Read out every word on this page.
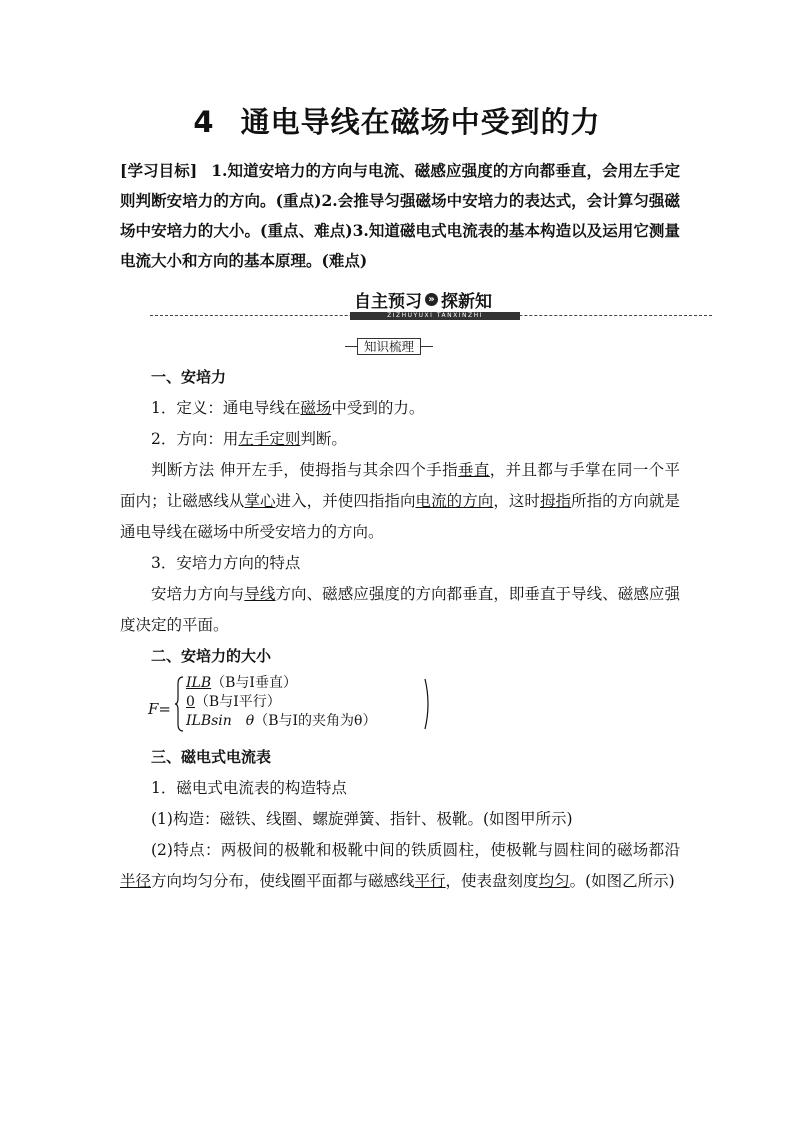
4 通电导线在磁场中受到的力
[学习目标] 1.知道安培力的方向与电流、磁感应强度的方向都垂直，会用左手定则判断安培力的方向。(重点)2.会推导匀强磁场中安培力的表达式，会计算匀强磁场中安培力的大小。(重点、难点)3.知道磁电式电流表的基本构造以及运用它测量电流大小和方向的基本原理。(难点)
自主预习 » 探新知
ZIZHUYUXI TANXINZHI
知识梳理

一、安培力

1．定义：通电导线在磁场中受到的力。

2．方向：用左手定则判断。

判断方法 伸开左手，使拇指与其余四个手指垂直，并且都与手掌在同一个平面内；让磁感线从掌心进入，并使四指指向电流的方向，这时拇指所指的方向就是通电导线在磁场中所受安培力的方向。

3．安培力方向的特点

安培力方向与导线方向、磁感应强度的方向都垂直，即垂直于导线、磁感应强度决定的平面。

二、安培力的大小

F=
ILB（B与I垂直）
0（B与I平行）
ILBsin　θ（B与I的夹角为θ）

三、磁电式电流表

1．磁电式电流表的构造特点

(1)构造：磁铁、线圈、螺旋弹簧、指针、极靴。(如图甲所示)

(2)特点：两极间的极靴和极靴中间的铁质圆柱，使极靴与圆柱间的磁场都沿半径方向均匀分布，使线圈平面都与磁感线平行，使表盘刻度均匀。(如图乙所示)
